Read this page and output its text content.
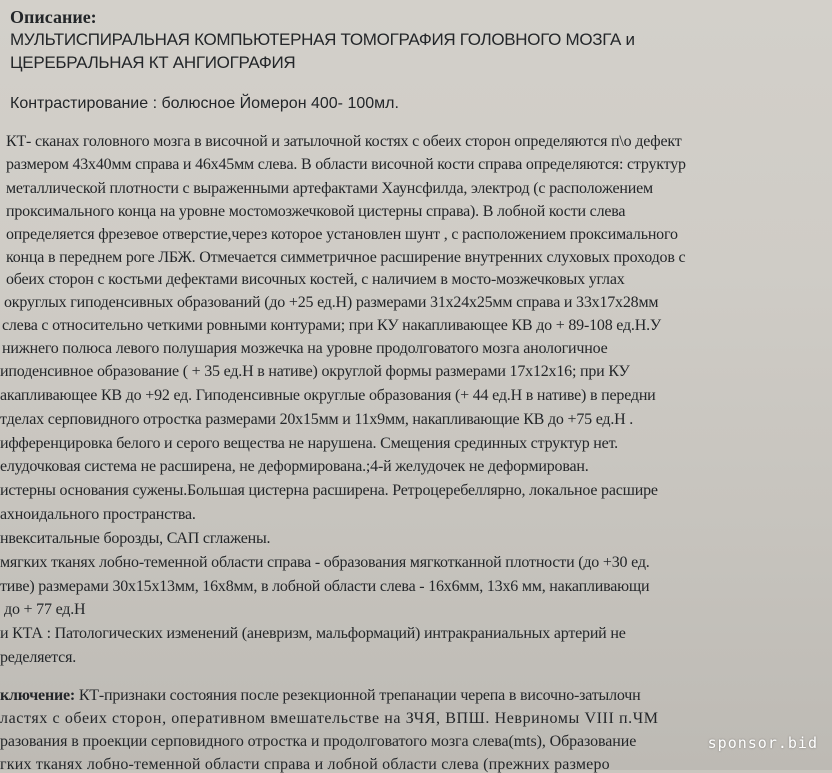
Описание:
МУЛЬТИСПИРАЛЬНАЯ КОМПЬЮТЕРНАЯ ТОМОГРАФИЯ ГОЛОВНОГО МОЗГА и
ЦЕРЕБРАЛЬНАЯ КТ АНГИОГРАФИЯ
Контрастирование : болюсное Йомерон 400- 100мл.
КТ- сканах головного мозга в височной и затылочной костях с обеих сторон определяются п\о дефект
размером 43х40мм справа и 46х45мм слева. В области височной кости справа определяются: структур
металлической плотности с выраженными артефактами Хаунсфилда, электрод (с расположением
проксимального конца на уровне мостомозжечковой цистерны справа). В лобной кости слева
определяется фрезевое отверстие,через которое установлен шунт , с расположением проксимального
конца в переднем роге ЛБЖ. Отмечается симметричное расширение внутренних слуховых проходов с
обеих сторон с костьми дефектами височных костей, с наличием в мосто-мозжечковых углах
округлых гиподенсивных образований (до +25 ед.Н) размерами 31х24х25мм справа и 33х17х28мм
слева с относительно четкими ровными контурами; при КУ накапливающее КВ до + 89-108 ед.Н.У
нижнего полюса левого полушария мозжечка на уровне продолговатого мозга анологичное
иподенсивное образование ( + 35 ед.Н в нативе) округлой формы размерами 17х12х16; при КУ
акапливающее КВ до +92 ед. Гиподенсивные округлые образования (+ 44 ед.Н в нативе) в передни
тделах серповидного отростка размерами 20х15мм и 11х9мм, накапливающие КВ до +75 ед.Н .
ифференцировка белого и серого вещества не нарушена. Смещения срединных структур нет.
елудочковая система не расширена, не деформирована.;4-й желудочек не деформирован.
истерны основания сужены.Большая цистерна расширена. Ретроцеребеллярно, локальное расшире
ахноидального пространства.
нвекситальные борозды, САП сглажены.
мягких тканях лобно-теменной области справа - образования мягкотканной плотности (до +30 ед.
тиве) размерами 30х15х13мм, 16х8мм, в лобной области слева - 16х6мм, 13х6 мм, накапливающи
до + 77 ед.Н
и КТА : Патологических изменений (аневризм, мальформаций) интракраниальных артерий не
ределяется.
ключение: КТ-признаки состояния после резекционной трепанации черепа в височно-затылочн
ластях с обеих сторон, оперативном вмешательстве на ЗЧЯ, ВПШ. Невриномы VIII п.ЧМ
разования в проекции серповидного отростка и продолговатого мозга слева(mts), Образование
гких тканях лобно-теменной области справа и лобной области слева (прежних размеро
sponsor.bid
